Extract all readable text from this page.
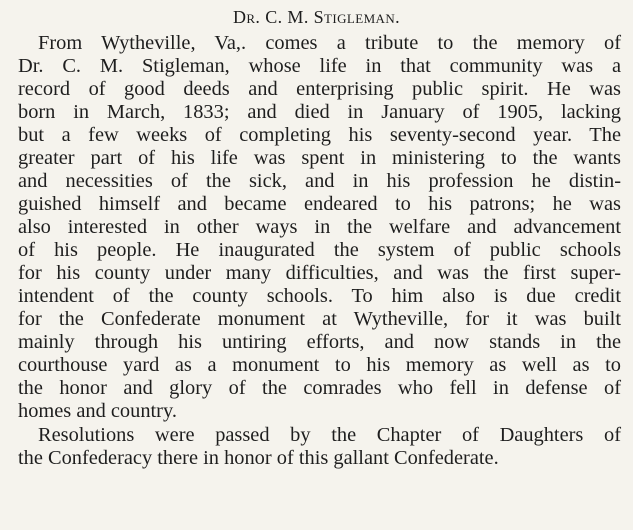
Dr. C. M. Stigleman.
From Wytheville, Va,. comes a tribute to the memory of
Dr. C. M. Stigleman, whose life in that community was a
record of good deeds and enterprising public spirit. He was
born in March, 1833; and died in January of 1905, lacking
but a few weeks of completing his seventy-second year. The
greater part of his life was spent in ministering to the wants
and necessities of the sick, and in his profession he distin-
guished himself and became endeared to his patrons; he was
also interested in other ways in the welfare and advancement
of his people. He inaugurated the system of public schools
for his county under many difficulties, and was the first super-
intendent of the county schools. To him also is due credit
for the Confederate monument at Wytheville, for it was built
mainly through his untiring efforts, and now stands in the
courthouse yard as a monument to his memory as well as to
the honor and glory of the comrades who fell in defense of
homes and country.
Resolutions were passed by the Chapter of Daughters of
the Confederacy there in honor of this gallant Confederate.
